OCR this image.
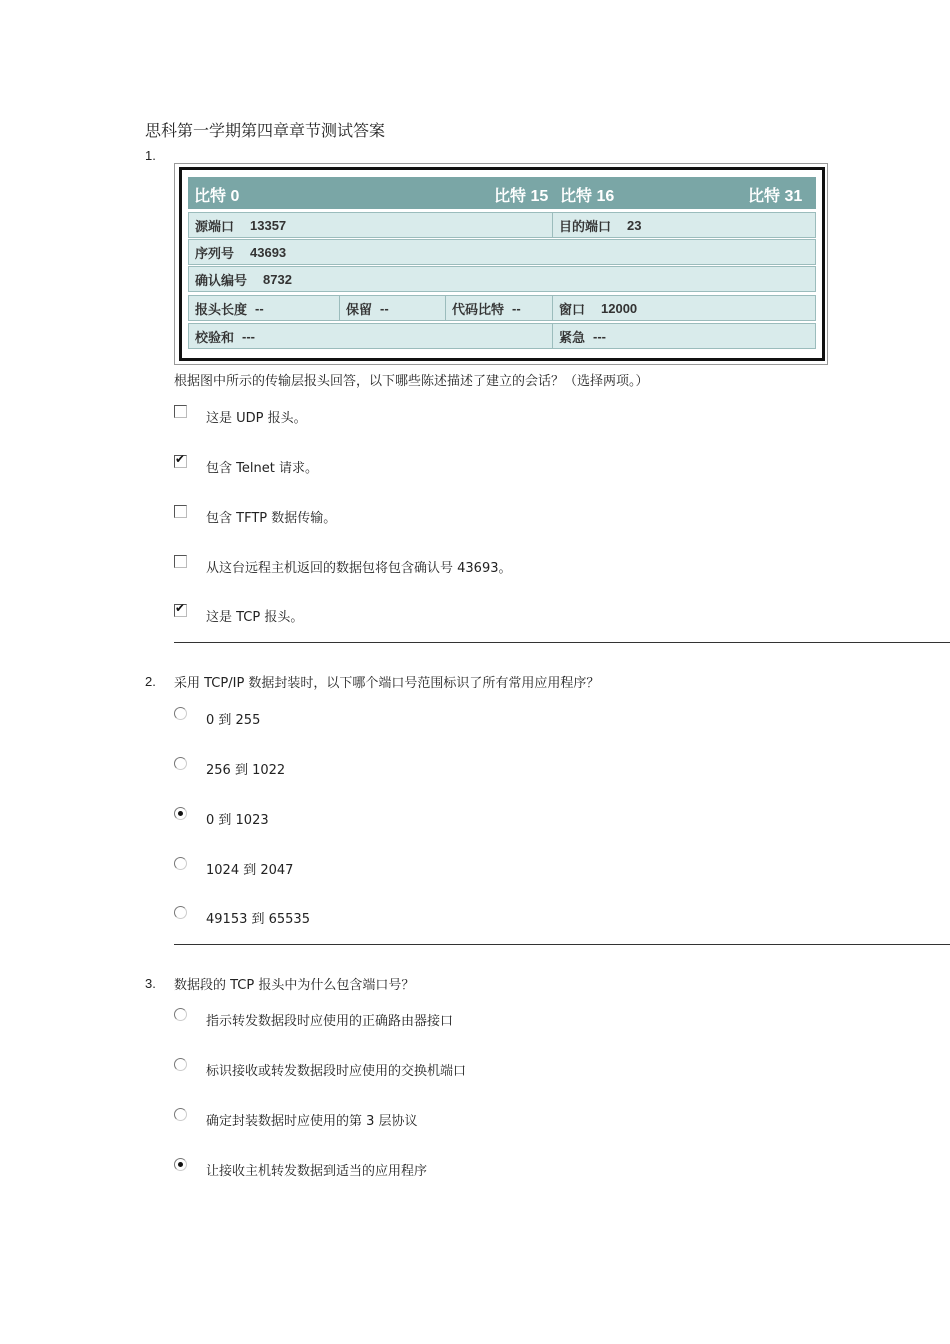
思科第一学期第四章章节测试答案
1.
比特 0	比特 15 比特 16	比特 31
源端口 13357	目的端口 23
序列号 43693
确认编号 8732
报头长度 --	保留 --	代码比特 --	窗口 12000
校验和 ---	紧急 ---
根据图中所示的传输层报头回答，以下哪些陈述描述了建立的会话？（选择两项。）
这是 UDP 报头。
✔
包含 Telnet 请求。
包含 TFTP 数据传输。
从这台远程主机返回的数据包将包含确认号 43693。
✔
这是 TCP 报头。
2. 采用 TCP/IP 数据封装时，以下哪个端口号范围标识了所有常用应用程序？
0 到 255
256 到 1022
0 到 1023
1024 到 2047
49153 到 65535
3. 数据段的 TCP 报头中为什么包含端口号？
指示转发数据段时应使用的正确路由器接口
标识接收或转发数据段时应使用的交换机端口
确定封装数据时应使用的第 3 层协议
让接收主机转发数据到适当的应用程序
